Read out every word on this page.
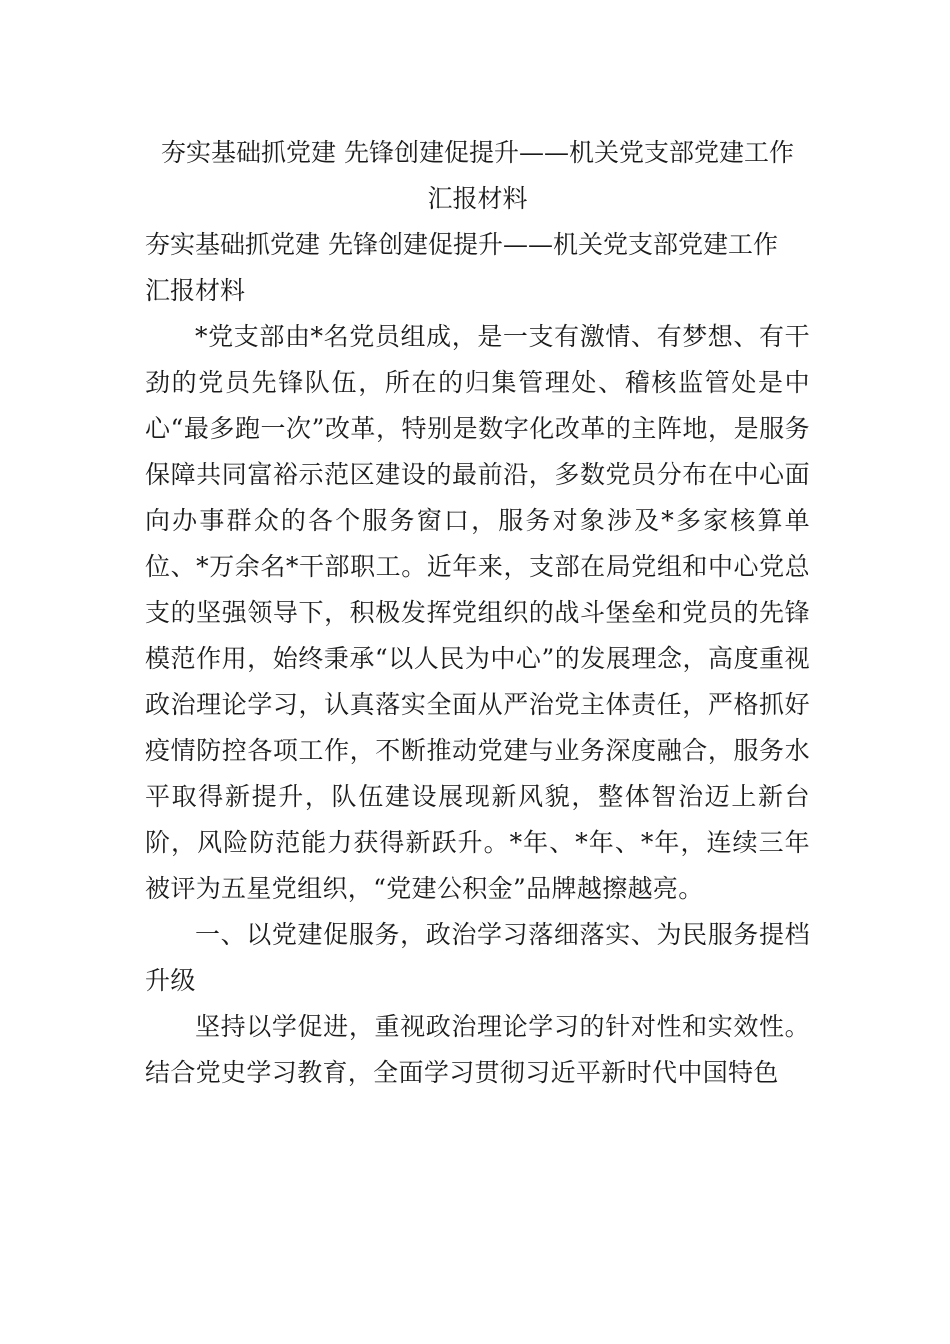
夯实基础抓党建 先锋创建促提升——机关党支部党建工作
汇报材料

夯实基础抓党建 先锋创建促提升——机关党支部党建工作

汇报材料

*党支部由*名党员组成，是一支有激情、有梦想、有干劲的党员先锋队伍，所在的归集管理处、稽核监管处是中心“最多跑一次”改革，特别是数字化改革的主阵地，是服务保障共同富裕示范区建设的最前沿，多数党员分布在中心面向办事群众的各个服务窗口，服务对象涉及*多家核算单位、*万余名*干部职工。近年来，支部在局党组和中心党总支的坚强领导下，积极发挥党组织的战斗堡垒和党员的先锋模范作用，始终秉承“以人民为中心”的发展理念，高度重视政治理论学习，认真落实全面从严治党主体责任，严格抓好疫情防控各项工作，不断推动党建与业务深度融合，服务水平取得新提升，队伍建设展现新风貌，整体智治迈上新台阶，风险防范能力获得新跃升。*年、*年、*年，连续三年被评为五星党组织，“党建公积金”品牌越擦越亮。

一、以党建促服务，政治学习落细落实、为民服务提档升级

坚持以学促进，重视政治理论学习的针对性和实效性。结合党史学习教育，全面学习贯彻习近平新时代中国特色
